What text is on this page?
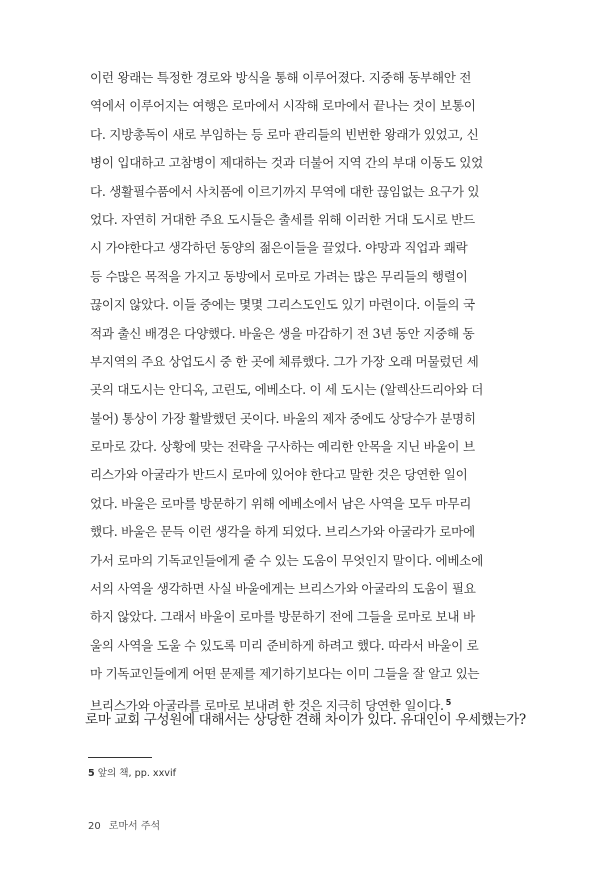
이런 왕래는 특정한 경로와 방식을 통해 이루어졌다. 지중해 동부해안 전
역에서 이루어지는 여행은 로마에서 시작해 로마에서 끝나는 것이 보통이
다. 지방총독이 새로 부임하는 등 로마 관리들의 빈번한 왕래가 있었고, 신
병이 입대하고 고참병이 제대하는 것과 더불어 지역 간의 부대 이동도 있었
다. 생활필수품에서 사치품에 이르기까지 무역에 대한 끊임없는 요구가 있
었다. 자연히 거대한 주요 도시들은 출세를 위해 이러한 거대 도시로 반드
시 가야한다고 생각하던 동양의 젊은이들을 끌었다. 야망과 직업과 쾌락
등 수많은 목적을 가지고 동방에서 로마로 가려는 많은 무리들의 행렬이
끊이지 않았다. 이들 중에는 몇몇 그리스도인도 있기 마련이다. 이들의 국
적과 출신 배경은 다양했다. 바울은 생을 마감하기 전 3년 동안 지중해 동
부지역의 주요 상업도시 중 한 곳에 체류했다. 그가 가장 오래 머물렀던 세
곳의 대도시는 안디옥, 고린도, 에베소다. 이 세 도시는 (알렉산드리아와 더
불어) 통상이 가장 활발했던 곳이다. 바울의 제자 중에도 상당수가 분명히
로마로 갔다. 상황에 맞는 전략을 구사하는 예리한 안목을 지닌 바울이 브
리스가와 아굴라가 반드시 로마에 있어야 한다고 말한 것은 당연한 일이
었다. 바울은 로마를 방문하기 위해 에베소에서 남은 사역을 모두 마무리
했다. 바울은 문득 이런 생각을 하게 되었다. 브리스가와 아굴라가 로마에
가서 로마의 기독교인들에게 줄 수 있는 도움이 무엇인지 말이다. 에베소에
서의 사역을 생각하면 사실 바울에게는 브리스가와 아굴라의 도움이 필요
하지 않았다. 그래서 바울이 로마를 방문하기 전에 그들을 로마로 보내 바
울의 사역을 도울 수 있도록 미리 준비하게 하려고 했다. 따라서 바울이 로
마 기독교인들에게 어떤 문제를 제기하기보다는 이미 그들을 잘 알고 있는
브리스가와 아굴라를 로마로 보내려 한 것은 지극히 당연한 일이다. $^5$
로마 교회 구성원에 대해서는 상당한 견해 차이가 있다. 유대인이 우세했는가?
5 앞의 책, pp. xxvif
20 로마서 주석
